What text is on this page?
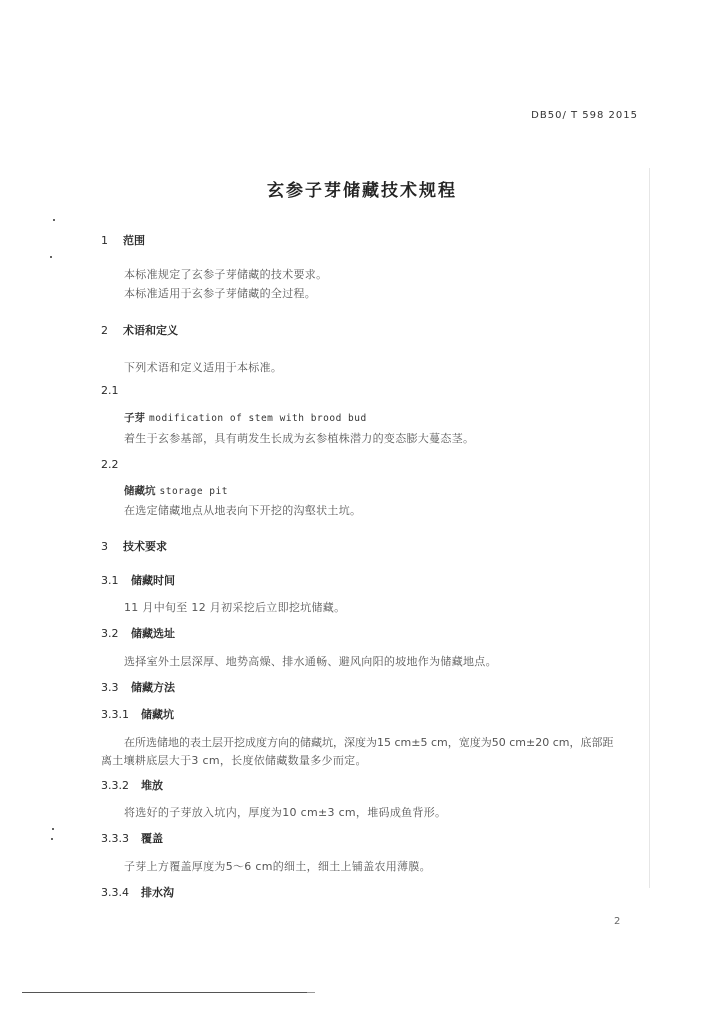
DB50/ T 598 2015
玄参子芽储藏技术规程
1 范围
本标准规定了玄参子芽储藏的技术要求。
本标准适用于玄参子芽储藏的全过程。
2 术语和定义
下列术语和定义适用于本标准。
2.1
子芽 modification of stem with brood bud
着生于玄参基部，具有萌发生长成为玄参植株潜力的变态膨大蔓态茎。
2.2
储藏坑 storage pit
在选定储藏地点从地表向下开挖的沟壑状土坑。
3 技术要求
3.1 储藏时间
11 月中旬至 12 月初采挖后立即挖坑储藏。
3.2 储藏选址
选择室外土层深厚、地势高燥、排水通畅、避风向阳的坡地作为储藏地点。
3.3 储藏方法
3.3.1 储藏坑
在所选储地的表土层开挖成度方向的储藏坑，深度为15 cm±5 cm，宽度为50 cm±20 cm，底部距
离土壤耕底层大于3 cm，长度依储藏数量多少而定。
3.3.2 堆放
将选好的子芽放入坑内，厚度为10 cm±3 cm，堆码成鱼背形。
3.3.3 覆盖
子芽上方覆盖厚度为5～6 cm的细土，细土上铺盖农用薄膜。
3.3.4 排水沟
2
